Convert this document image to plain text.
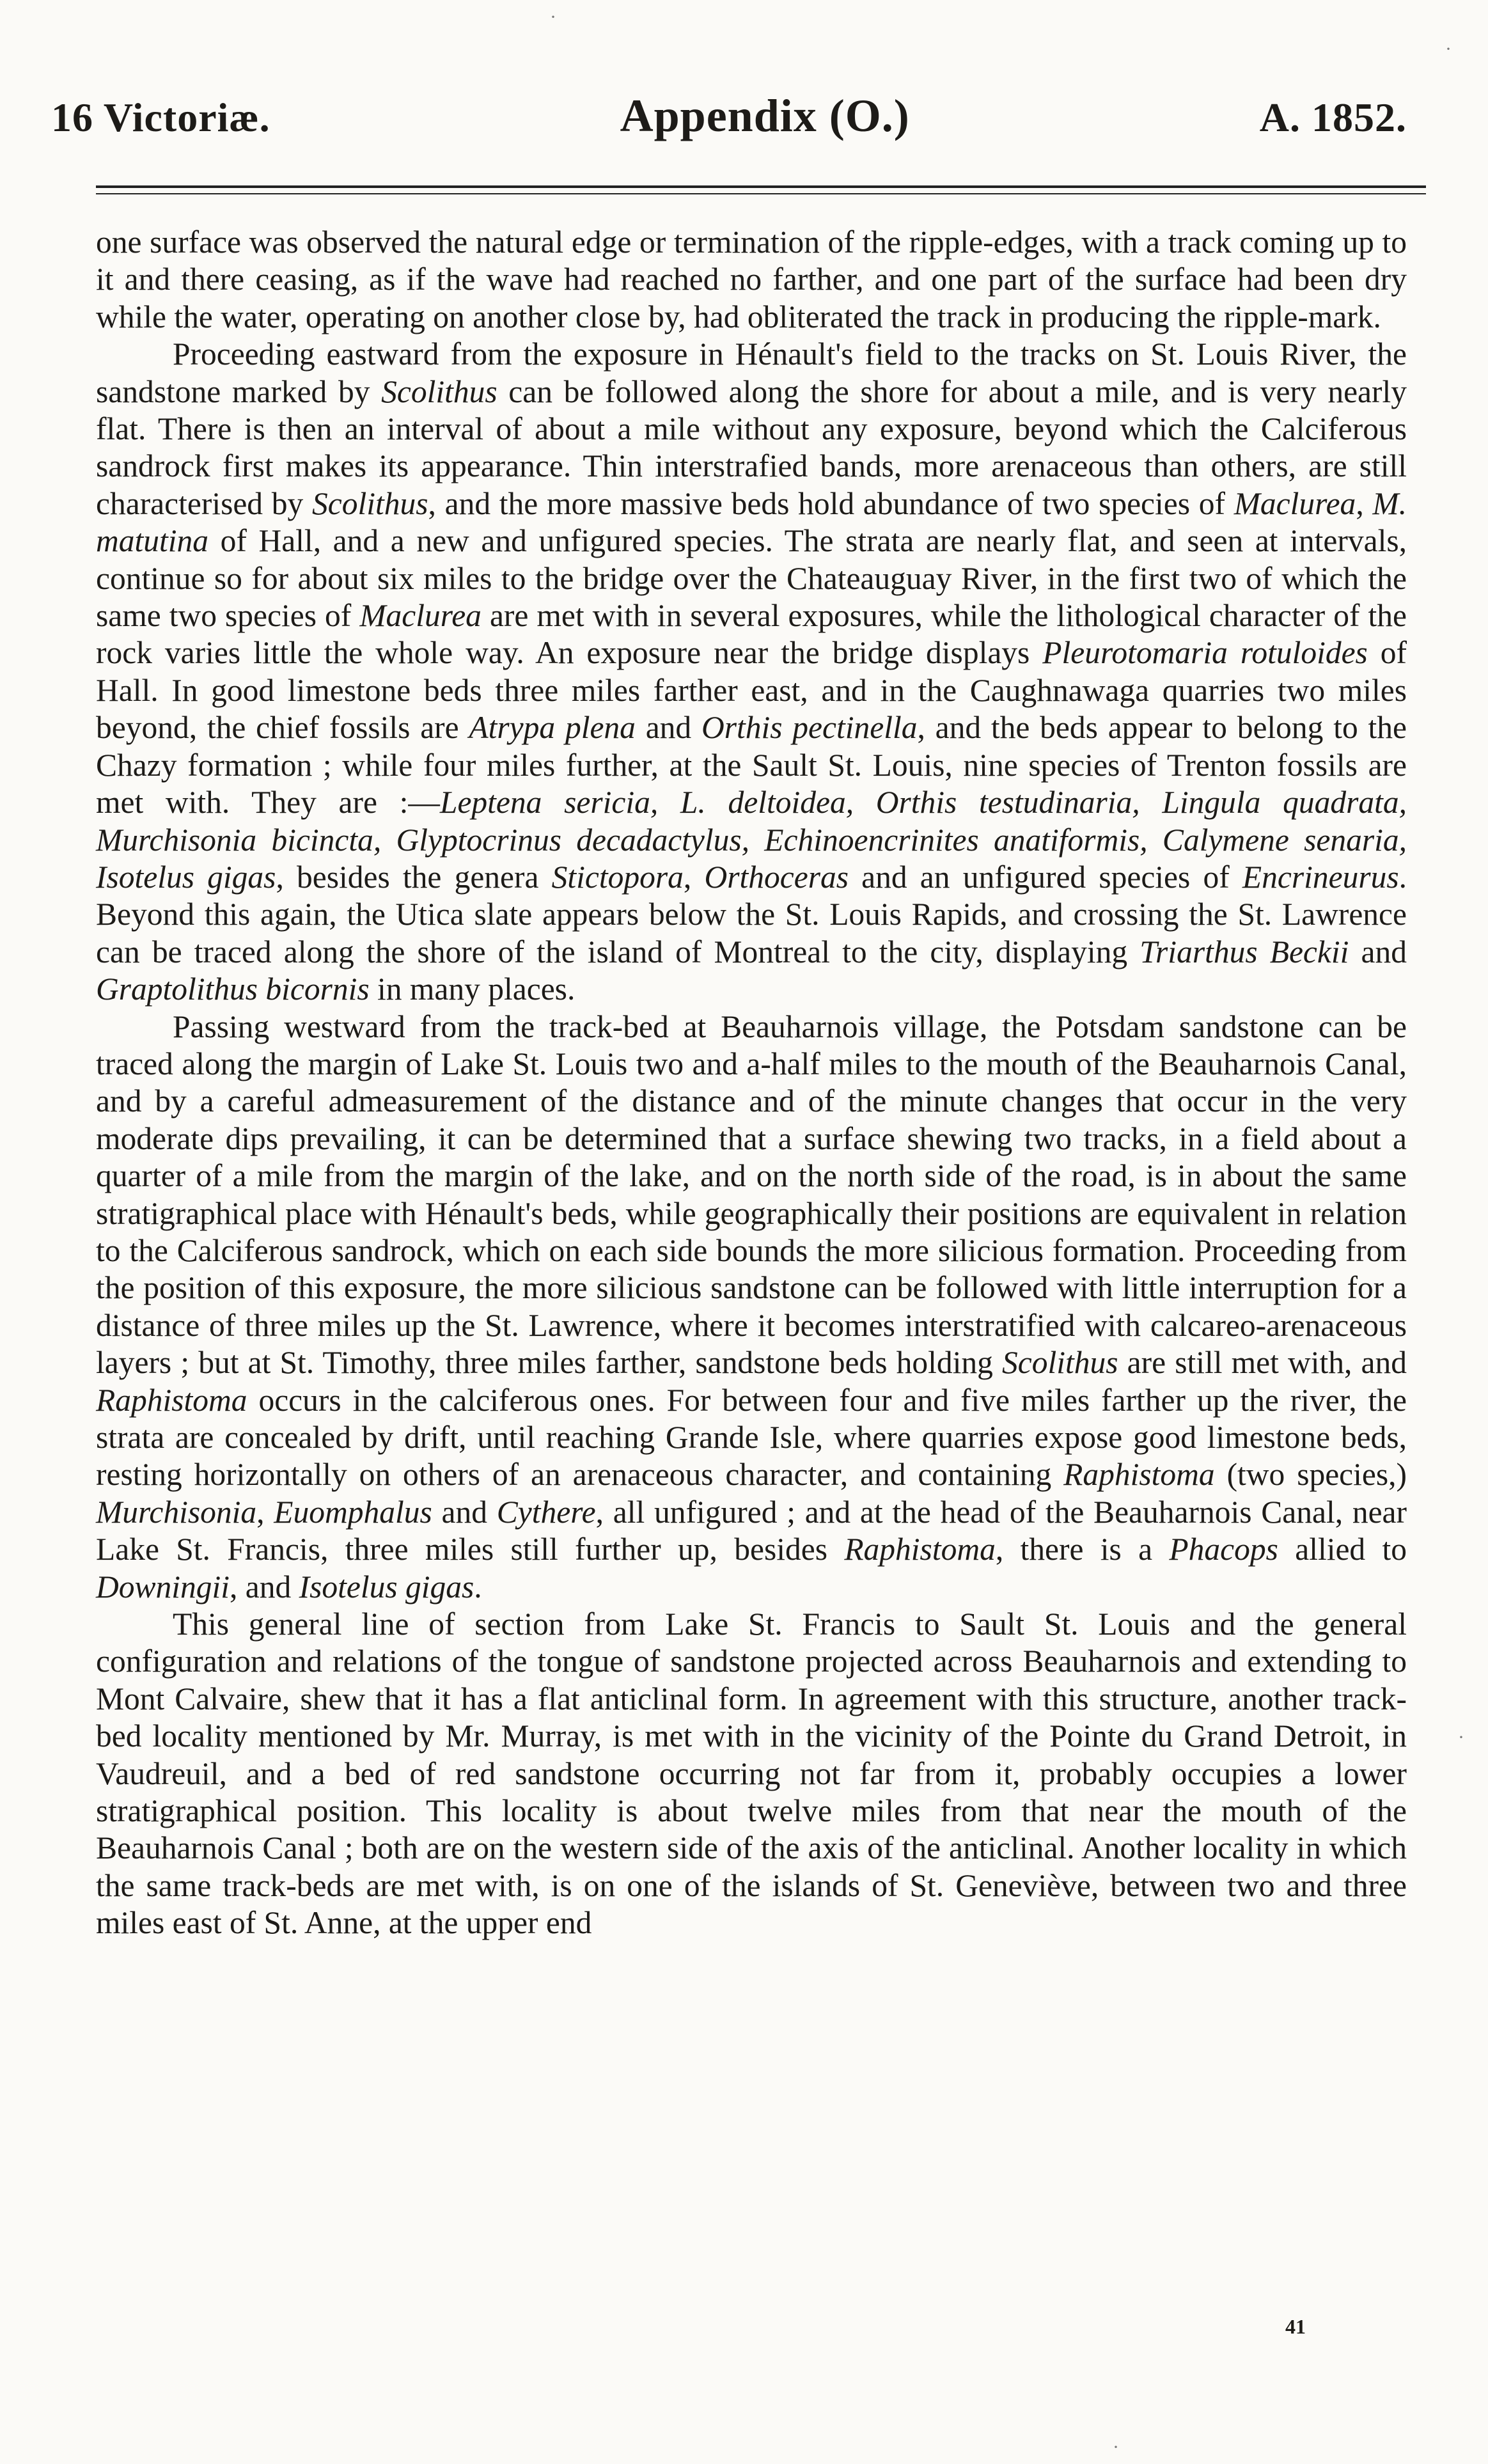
16 Victoriæ.	Appendix (O.)	A. 1852.

one surface was observed the natural edge or termination of the ripple-edges, with a track coming up to it and there ceasing, as if the wave had reached no farther, and one part of the surface had been dry while the water, operating on another close by, had obliterated the track in producing the ripple-mark.

Proceeding eastward from the exposure in Hénault's field to the tracks on St. Louis River, the sandstone marked by Scolithus can be followed along the shore for about a mile, and is very nearly flat. There is then an interval of about a mile without any exposure, beyond which the Calciferous sandrock first makes its appearance. Thin interstrafied bands, more arenaceous than others, are still characterised by Scolithus, and the more massive beds hold abundance of two species of Maclurea, M. matutina of Hall, and a new and unfigured species. The strata are nearly flat, and seen at intervals, continue so for about six miles to the bridge over the Chateauguay River, in the first two of which the same two species of Maclurea are met with in several exposures, while the lithological character of the rock varies little the whole way. An exposure near the bridge displays Pleurotomaria rotuloides of Hall. In good limestone beds three miles farther east, and in the Caughnawaga quarries two miles beyond, the chief fossils are Atrypa plena and Orthis pectinella, and the beds appear to belong to the Chazy formation ; while four miles further, at the Sault St. Louis, nine species of Trenton fossils are met with. They are :—Leptena sericia, L. deltoidea, Orthis testudinaria, Lingula quadrata, Murchisonia bicincta, Glyptocrinus decadactylus, Echinoencrinites anatiformis, Calymene senaria, Isotelus gigas, besides the genera Stictopora, Orthoceras and an unfigured species of Encrineurus. Beyond this again, the Utica slate appears below the St. Louis Rapids, and crossing the St. Lawrence can be traced along the shore of the island of Montreal to the city, displaying Triarthus Beckii and Graptolithus bicornis in many places.

Passing westward from the track-bed at Beauharnois village, the Potsdam sandstone can be traced along the margin of Lake St. Louis two and a-half miles to the mouth of the Beauharnois Canal, and by a careful admeasurement of the distance and of the minute changes that occur in the very moderate dips prevailing, it can be determined that a surface shewing two tracks, in a field about a quarter of a mile from the margin of the lake, and on the north side of the road, is in about the same stratigraphical place with Hénault's beds, while geographically their positions are equivalent in relation to the Calciferous sandrock, which on each side bounds the more silicious formation. Proceeding from the position of this exposure, the more silicious sandstone can be followed with little interruption for a distance of three miles up the St. Lawrence, where it becomes interstratified with calcareo-arenaceous layers ; but at St. Timothy, three miles farther, sandstone beds holding Scolithus are still met with, and Raphistoma occurs in the calciferous ones. For between four and five miles farther up the river, the strata are concealed by drift, until reaching Grande Isle, where quarries expose good limestone beds, resting horizontally on others of an arenaceous character, and containing Raphistoma (two species,) Murchisonia, Euomphalus and Cythere, all unfigured ; and at the head of the Beauharnois Canal, near Lake St. Francis, three miles still further up, besides Raphistoma, there is a Phacops allied to Downingii, and Isotelus gigas.

This general line of section from Lake St. Francis to Sault St. Louis and the general configuration and relations of the tongue of sandstone projected across Beauharnois and extending to Mont Calvaire, shew that it has a flat anticlinal form. In agreement with this structure, another track-bed locality mentioned by Mr. Murray, is met with in the vicinity of the Pointe du Grand Detroit, in Vaudreuil, and a bed of red sandstone occurring not far from it, probably occupies a lower stratigraphical position. This locality is about twelve miles from that near the mouth of the Beauharnois Canal ; both are on the western side of the axis of the anticlinal. Another locality in which the same track-beds are met with, is on one of the islands of St. Geneviève, between two and three miles east of St. Anne, at the upper end

41
·
·
·
·
